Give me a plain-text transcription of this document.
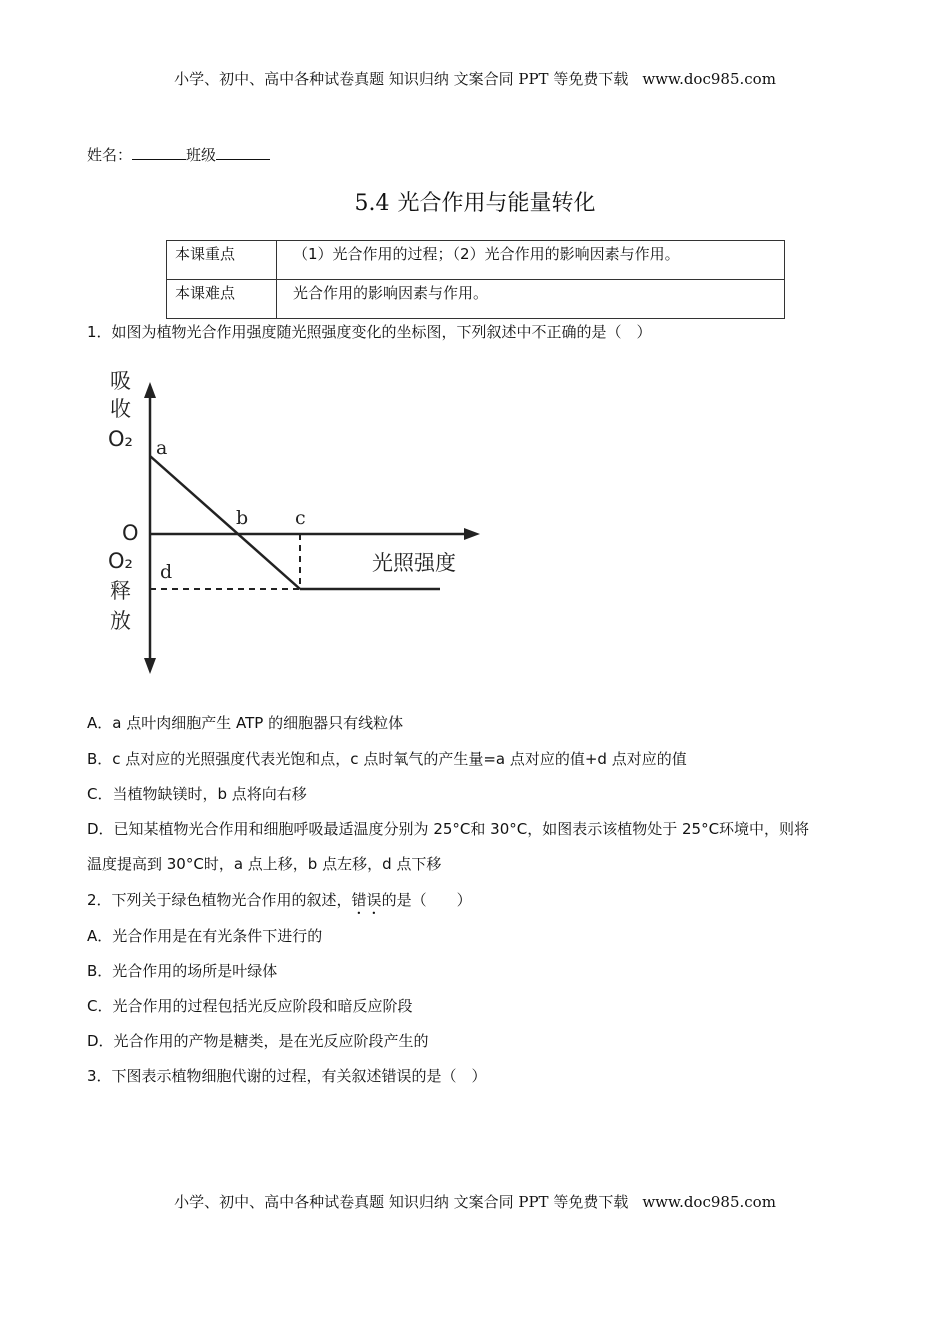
小学、初中、高中各种试卷真题 知识归纳 文案合同 PPT 等免费下载 www.doc985.com
姓名：	班级
5.4 光合作用与能量转化
本课重点	（1）光合作用的过程；（2）光合作用的影响因素与作用。
本课难点	光合作用的影响因素与作用。
1．如图为植物光合作用强度随光照强度变化的坐标图，下列叙述中不正确的是（　）
吸
收
O₂
O
O₂
释
放
光照强度
a
b c
d
A．a 点叶肉细胞产生 ATP 的细胞器只有线粒体
B．c 点对应的光照强度代表光饱和点，c 点时氧气的产生量=a 点对应的值+d 点对应的值
C．当植物缺镁时，b 点将向右移
D．已知某植物光合作用和细胞呼吸最适温度分别为 25°C和 30°C，如图表示该植物处于 25°C环境中，则将
温度提高到 30°C时，a 点上移，b 点左移，d 点下移
2．下列关于绿色植物光合作用的叙述，错误的是（　　）
A．光合作用是在有光条件下进行的
B．光合作用的场所是叶绿体
C．光合作用的过程包括光反应阶段和暗反应阶段
D．光合作用的产物是糖类，是在光反应阶段产生的
3．下图表示植物细胞代谢的过程，有关叙述错误的是（　）
小学、初中、高中各种试卷真题 知识归纳 文案合同 PPT 等免费下载 www.doc985.com
